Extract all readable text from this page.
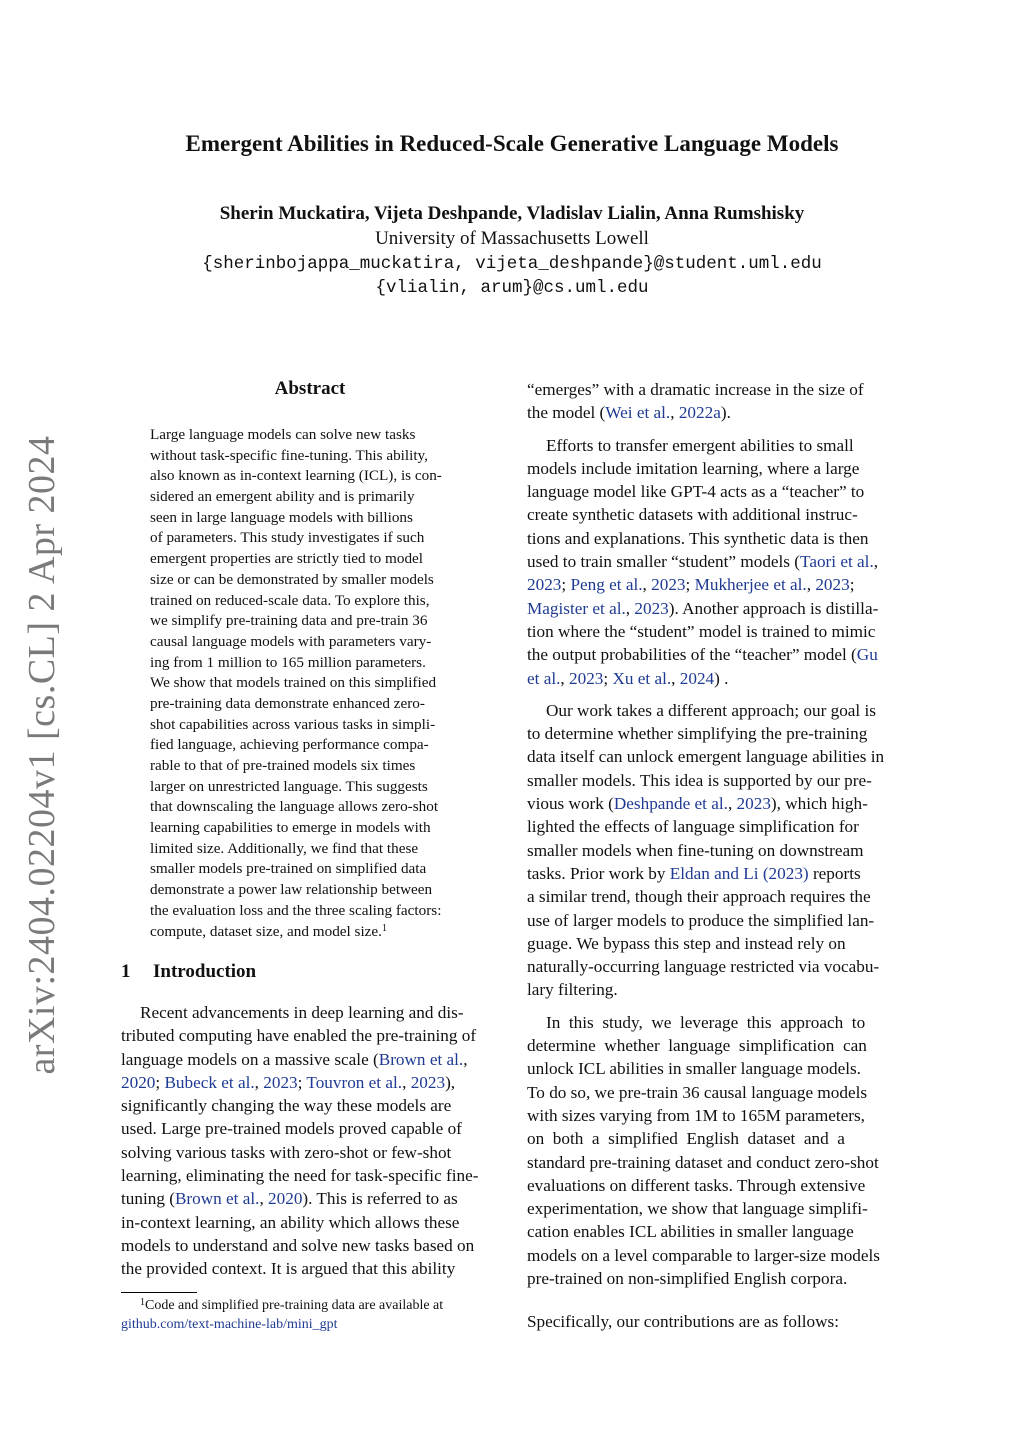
arXiv:2404.02204v1 [cs.CL] 2 Apr 2024
Emergent Abilities in Reduced-Scale Generative Language Models
Sherin Muckatira, Vijeta Deshpande, Vladislav Lialin, Anna Rumshisky
University of Massachusetts Lowell
{sherinbojappa_muckatira, vijeta_deshpande}@student.uml.edu
{vlialin, arum}@cs.uml.edu
Abstract
Large language models can solve new tasks
without task-specific fine-tuning. This ability,
also known as in-context learning (ICL), is con-
sidered an emergent ability and is primarily
seen in large language models with billions
of parameters. This study investigates if such
emergent properties are strictly tied to model
size or can be demonstrated by smaller models
trained on reduced-scale data. To explore this,
we simplify pre-training data and pre-train 36
causal language models with parameters vary-
ing from 1 million to 165 million parameters.
We show that models trained on this simplified
pre-training data demonstrate enhanced zero-
shot capabilities across various tasks in simpli-
fied language, achieving performance compa-
rable to that of pre-trained models six times
larger on unrestricted language. This suggests
that downscaling the language allows zero-shot
learning capabilities to emerge in models with
limited size. Additionally, we find that these
smaller models pre-trained on simplified data
demonstrate a power law relationship between
the evaluation loss and the three scaling factors:
compute, dataset size, and model size.$^1$
1 Introduction
Recent advancements in deep learning and dis-
tributed computing have enabled the pre-training of
language models on a massive scale (Brown et al.,
2020; Bubeck et al., 2023; Touvron et al., 2023),
significantly changing the way these models are
used. Large pre-trained models proved capable of
solving various tasks with zero-shot or few-shot
learning, eliminating the need for task-specific fine-
tuning (Brown et al., 2020). This is referred to as
in-context learning, an ability which allows these
models to understand and solve new tasks based on
the provided context. It is argued that this ability
$^1$Code and simplified pre-training data are available at
github.com/text-machine-lab/mini_gpt
“emerges” with a dramatic increase in the size of
the model (Wei et al., 2022a).
Efforts to transfer emergent abilities to small
models include imitation learning, where a large
language model like GPT-4 acts as a “teacher” to
create synthetic datasets with additional instruc-
tions and explanations. This synthetic data is then
used to train smaller “student” models (Taori et al.,
2023; Peng et al., 2023; Mukherjee et al., 2023;
Magister et al., 2023). Another approach is distilla-
tion where the “student” model is trained to mimic
the output probabilities of the “teacher” model (Gu
et al., 2023; Xu et al., 2024) .
Our work takes a different approach; our goal is
to determine whether simplifying the pre-training
data itself can unlock emergent language abilities in
smaller models. This idea is supported by our pre-
vious work (Deshpande et al., 2023), which high-
lighted the effects of language simplification for
smaller models when fine-tuning on downstream
tasks. Prior work by Eldan and Li (2023) reports
a similar trend, though their approach requires the
use of larger models to produce the simplified lan-
guage. We bypass this step and instead rely on
naturally-occurring language restricted via vocabu-
lary filtering.
In  this  study,  we  leverage  this  approach  to
determine  whether  language  simplification  can
unlock ICL abilities in smaller language models.
To do so, we pre-train 36 causal language models
with sizes varying from 1M to 165M parameters,
on  both  a  simplified  English  dataset  and  a
standard pre-training dataset and conduct zero-shot
evaluations on different tasks. Through extensive
experimentation, we show that language simplifi-
cation enables ICL abilities in smaller language
models on a level comparable to larger-size models
pre-trained on non-simplified English corpora.
Specifically, our contributions are as follows:
